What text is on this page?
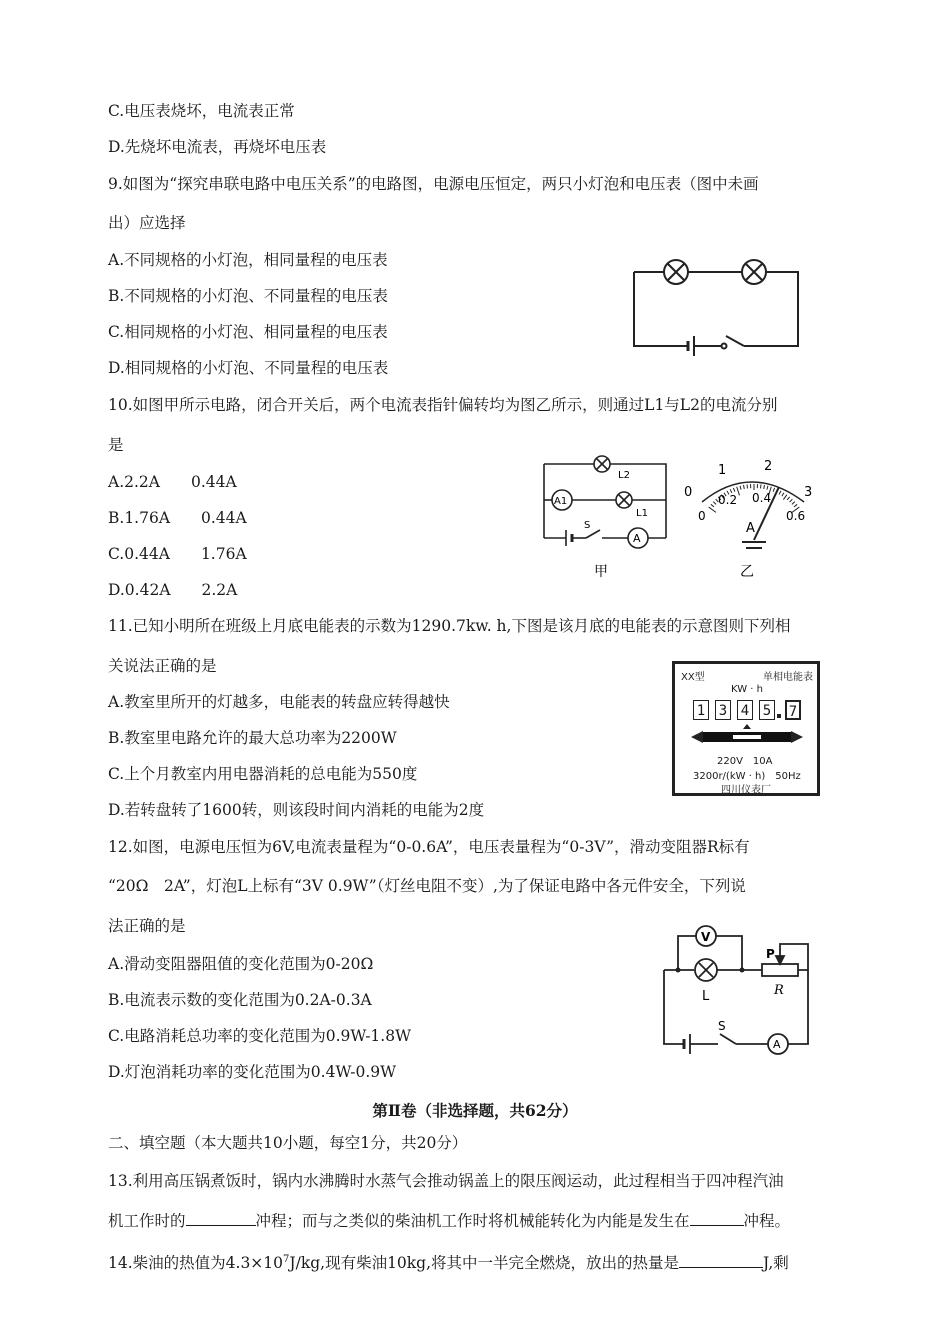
C.电压表烧坏，电流表正常
D.先烧坏电流表，再烧坏电压表
9.如图为“探究串联电路中电压关系”的电路图，电源电压恒定，两只小灯泡和电压表（图中未画
出）应选择
A.不同规格的小灯泡，相同量程的电压表
B.不同规格的小灯泡、不同量程的电压表
C.相同规格的小灯泡、相同量程的电压表
D.相同规格的小灯泡、不同量程的电压表
10.如图甲所示电路，闭合开关后，两个电流表指针偏转均为图乙所示，则通过L1与L2的电流分别
是
A.2.2A　　0.44A
B.1.76A　　0.44A
C.0.44A　　1.76A
D.0.42A　　2.2A
L2
L1
A1
A
S
甲
0
1	2
3
0
0.2 0.4
0.6
A
乙
11.已知小明所在班级上月底电能表的示数为1290.7kw. h,下图是该月底的电能表的示意图则下列相
关说法正确的是
A.教室里所开的灯越多，电能表的转盘应转得越快
B.教室里电路允许的最大总功率为2200W
C.上个月教室内用电器消耗的总电能为550度
D.若转盘转了1600转，则该段时间内消耗的电能为2度
XX型	单相电能表
KW · h
1 3 4 5 7
220V　10A
3200r/(kW · h)　50Hz
四川仪表厂
12.如图，电源电压恒为6V,电流表量程为“0-0.6A”，电压表量程为“0-3V”，滑动变阻器R标有
“20Ω　2A”，灯泡L上标有“3V 0.9W”（灯丝电阻不变）,为了保证电路中各元件安全，下列说
法正确的是
A.滑动变阻器阻值的变化范围为0-20Ω
B.电流表示数的变化范围为0.2A-0.3A
C.电路消耗总功率的变化范围为0.9W-1.8W
D.灯泡消耗功率的变化范围为0.4W-0.9W
V
P
R
L
S
A
第Ⅱ卷（非选择题，共62分）
二、填空题（本大题共10小题，每空1分，共20分）
13.利用高压锅煮饭时，锅内水沸腾时水蒸气会推动锅盖上的限压阀运动，此过程相当于四冲程汽油
机工作时的	冲程；而与之类似的柴油机工作时将机械能转化为内能是发生在	冲程。
14.柴油的热值为$4.3\times 10^7J/kg$,现有柴油10kg,将其中一半完全燃烧，放出的热量是	J,剩
